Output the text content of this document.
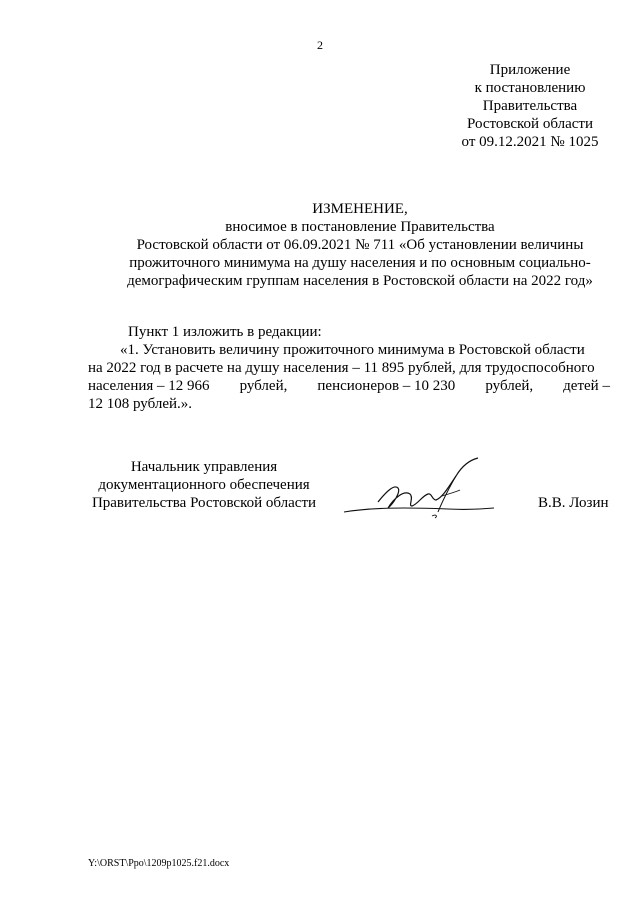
2
Приложение
к постановлению
Правительства
Ростовской области
от 09.12.2021 № 1025
ИЗМЕНЕНИЕ,
вносимое в постановление Правительства
Ростовской области от 06.09.2021 № 711 «Об установлении величины
прожиточного минимума на душу населения и по основным социально-
демографическим группам населения в Ростовской области на 2022 год»

Пункт 1 изложить в редакции:

«1. Установить величину прожиточного минимума в Ростовской области

на 2022 год в расчете на душу населения – 11 895 рублей, для трудоспособного

населения – 12 966 рублей, пенсионеров – 10 230 рублей, детей –

12 108 рублей.».

Начальник управления
документационного обеспечения
Правительства Ростовской области	В.В. Лозин
Y:\ORST\Ppo\1209p1025.f21.docx
